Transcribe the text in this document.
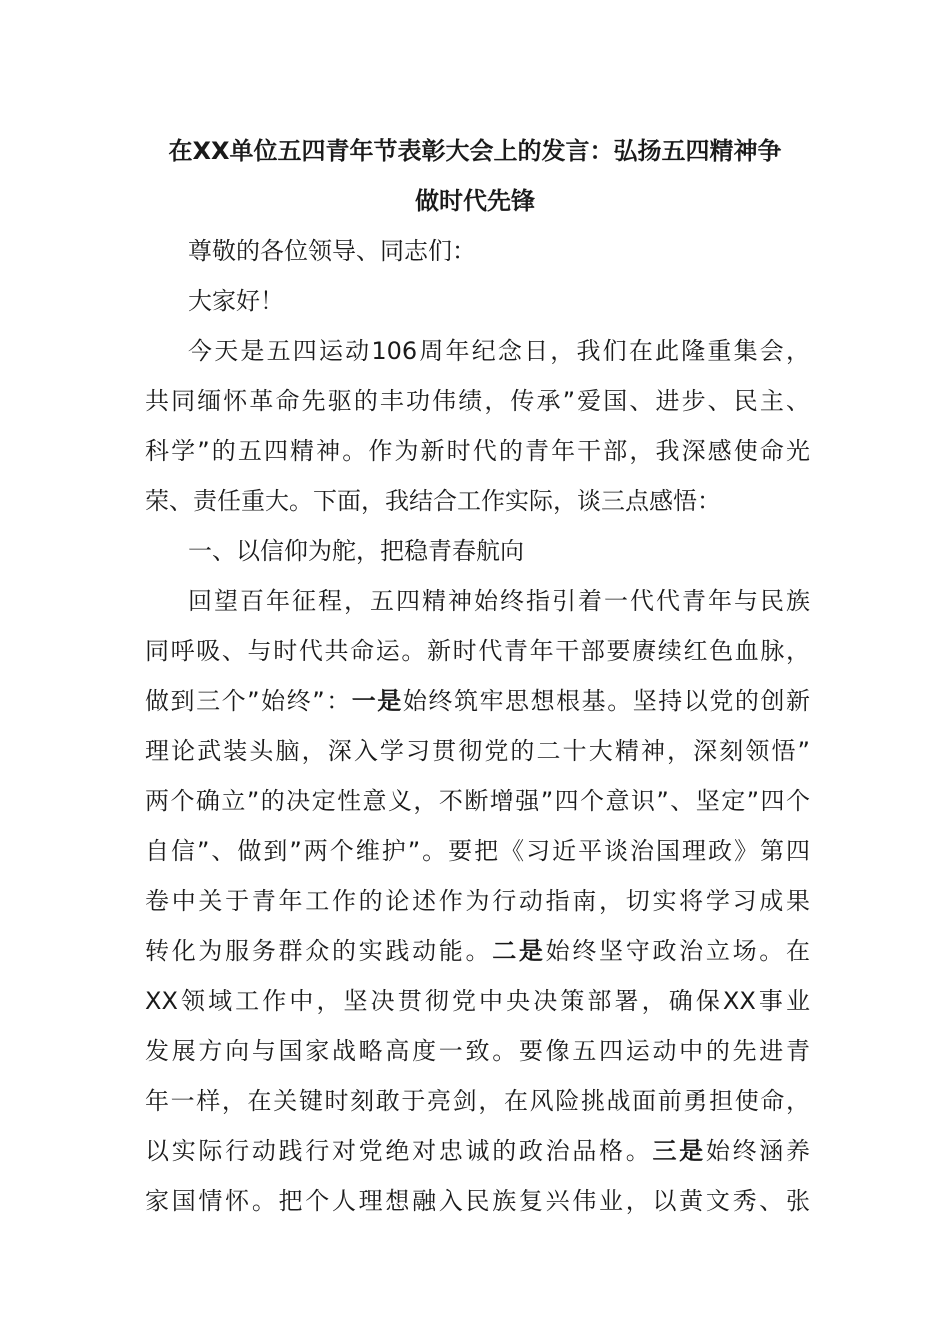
在XX单位五四青年节表彰大会上的发言：弘扬五四精神争
做时代先锋
尊敬的各位领导、同志们：
大家好！
今天是五四运动106周年纪念日，我们在此隆重集会，
共同缅怀革命先驱的丰功伟绩，传承”爱国、进步、民主、
科学”的五四精神。作为新时代的青年干部，我深感使命光
荣、责任重大。下面，我结合工作实际，谈三点感悟：
一、以信仰为舵，把稳青春航向
回望百年征程，五四精神始终指引着一代代青年与民族
同呼吸、与时代共命运。新时代青年干部要赓续红色血脉，
做到三个”始终”：一是始终筑牢思想根基。坚持以党的创新
理论武装头脑，深入学习贯彻党的二十大精神，深刻领悟”
两个确立”的决定性意义，不断增强”四个意识”、坚定”四个
自信”、做到”两个维护”。要把《习近平谈治国理政》第四
卷中关于青年工作的论述作为行动指南，切实将学习成果
转化为服务群众的实践动能。二是始终坚守政治立场。在
XX领域工作中，坚决贯彻党中央决策部署，确保XX事业
发展方向与国家战略高度一致。要像五四运动中的先进青
年一样，在关键时刻敢于亮剑，在风险挑战面前勇担使命，
以实际行动践行对党绝对忠诚的政治品格。三是始终涵养
家国情怀。把个人理想融入民族复兴伟业，以黄文秀、张
